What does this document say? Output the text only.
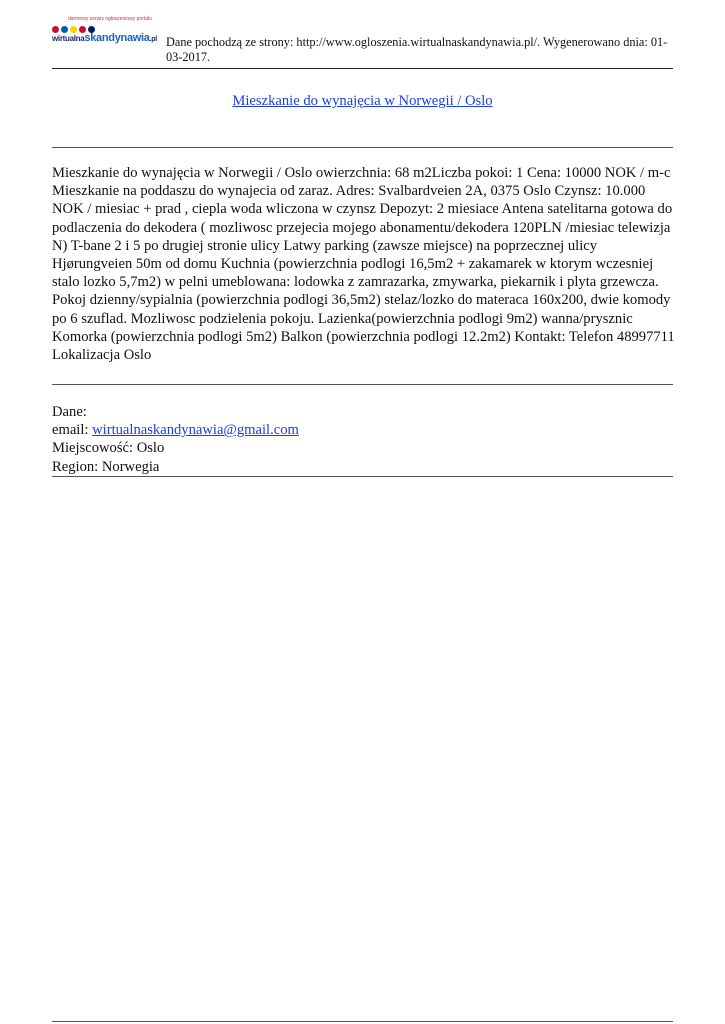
darmowy serwis ogłoszeniowy portalu
wirtualnaskandynawia.pl Dane pochodzą ze strony: http://www.ogloszenia.wirtualnaskandynawia.pl/. Wygenerowano dnia: 01-03-2017.
Mieszkanie do wynajęcia w Norwegii / Oslo
Mieszkanie do wynajęcia w Norwegii / Oslo owierzchnia: 68 m2Liczba pokoi: 1 Cena: 10000 NOK / m-c Mieszkanie na poddaszu do wynajecia od zaraz. Adres: Svalbardveien 2A, 0375 Oslo Czynsz: 10.000 NOK / miesiac + prad , ciepla woda wliczona w czynsz Depozyt: 2 miesiace Antena satelitarna gotowa do podlaczenia do dekodera ( mozliwosc przejecia mojego abonamentu/dekodera 120PLN /miesiac telewizja N) T-bane 2 i 5 po drugiej stronie ulicy Latwy parking (zawsze miejsce) na poprzecznej ulicy Hjørungveien 50m od domu Kuchnia (powierzchnia podlogi 16,5m2 + zakamarek w ktorym wczesniej stalo lozko 5,7m2) w pelni umeblowana: lodowka z zamrazarka, zmywarka, piekarnik i plyta grzewcza. Pokoj dzienny/sypialnia (powierzchnia podlogi 36,5m2) stelaz/lozko do materaca 160x200, dwie komody po 6 szuflad. Mozliwosc podzielenia pokoju. Lazienka(powierzchnia podlogi 9m2) wanna/prysznic Komorka (powierzchnia podlogi 5m2) Balkon (powierzchnia podlogi 12.2m2) Kontakt: Telefon 48997711 Lokalizacja Oslo
Dane:
email: wirtualnaskandynawia@gmail.com
Miejscowość: Oslo
Region: Norwegia
